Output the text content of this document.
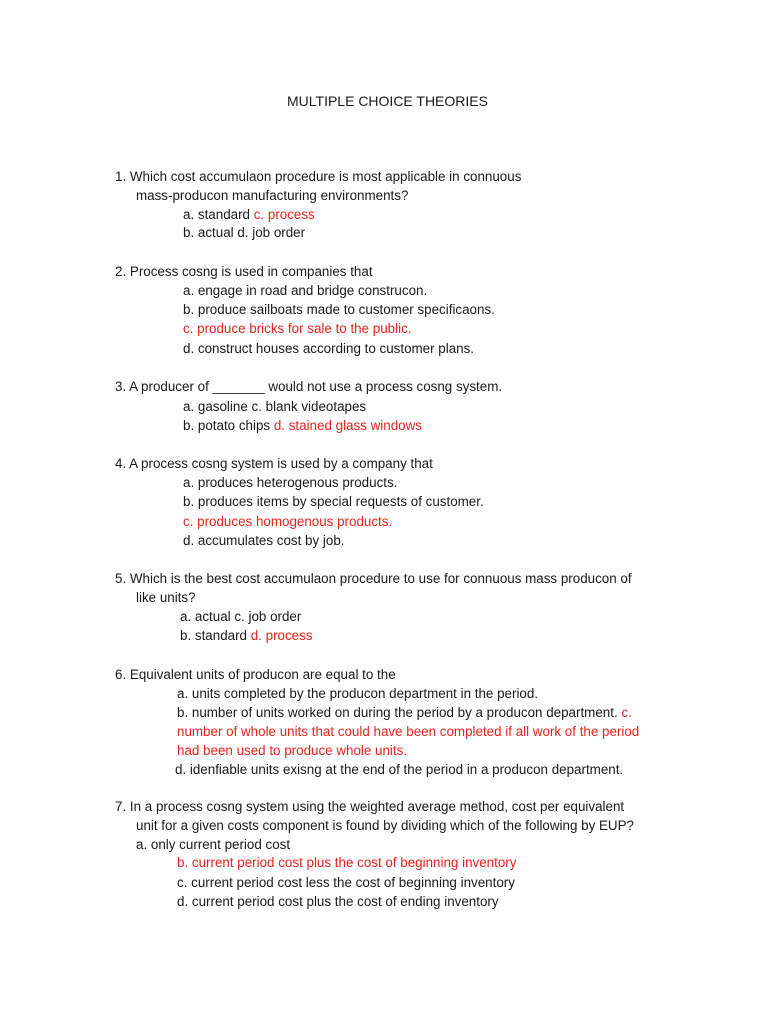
MULTIPLE CHOICE THEORIES
1. Which cost accumulaon procedure is most applicable in connuous
mass-producon manufacturing environments?
a. standard c. process
b. actual d. job order
2. Process cosng is used in companies that
a. engage in road and bridge construcon.
b. produce sailboats made to customer specificaons.
c. produce bricks for sale to the public.
d. construct houses according to customer plans.
3. A producer of _______ would not use a process cosng system.
a. gasoline c. blank videotapes
b. potato chips d. stained glass windows
4. A process cosng system is used by a company that
a. produces heterogenous products.
b. produces items by special requests of customer.
c. produces homogenous products.
d. accumulates cost by job.
5. Which is the best cost accumulaon procedure to use for connuous mass producon of
like units?
a. actual c. job order
b. standard d. process
6. Equivalent units of producon are equal to the
a. units completed by the producon department in the period.
b. number of units worked on during the period by a producon department. c.
number of whole units that could have been completed if all work of the period
had been used to produce whole units.
d. idenfiable units exisng at the end of the period in a producon department.
7. In a process cosng system using the weighted average method, cost per equivalent
unit for a given costs component is found by dividing which of the following by EUP?
a. only current period cost
b. current period cost plus the cost of beginning inventory
c. current period cost less the cost of beginning inventory
d. current period cost plus the cost of ending inventory
